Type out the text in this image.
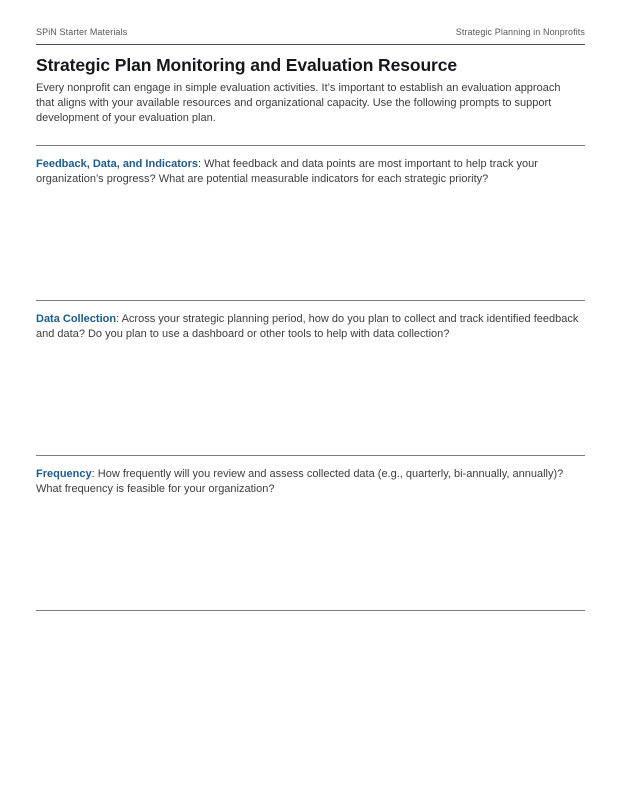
SPiN Starter Materials	Strategic Planning in Nonprofits
Strategic Plan Monitoring and Evaluation Resource

Every nonprofit can engage in simple evaluation activities. It’s important to establish an evaluation approach that aligns with your available resources and organizational capacity. Use the following prompts to support development of your evaluation plan.

Feedback, Data, and Indicators: What feedback and data points are most important to help track your organization’s progress? What are potential measurable indicators for each strategic priority?
Data Collection: Across your strategic planning period, how do you plan to collect and track identified feedback and data? Do you plan to use a dashboard or other tools to help with data collection?
Frequency: How frequently will you review and assess collected data (e.g., quarterly, bi-annually, annually)? What frequency is feasible for your organization?
